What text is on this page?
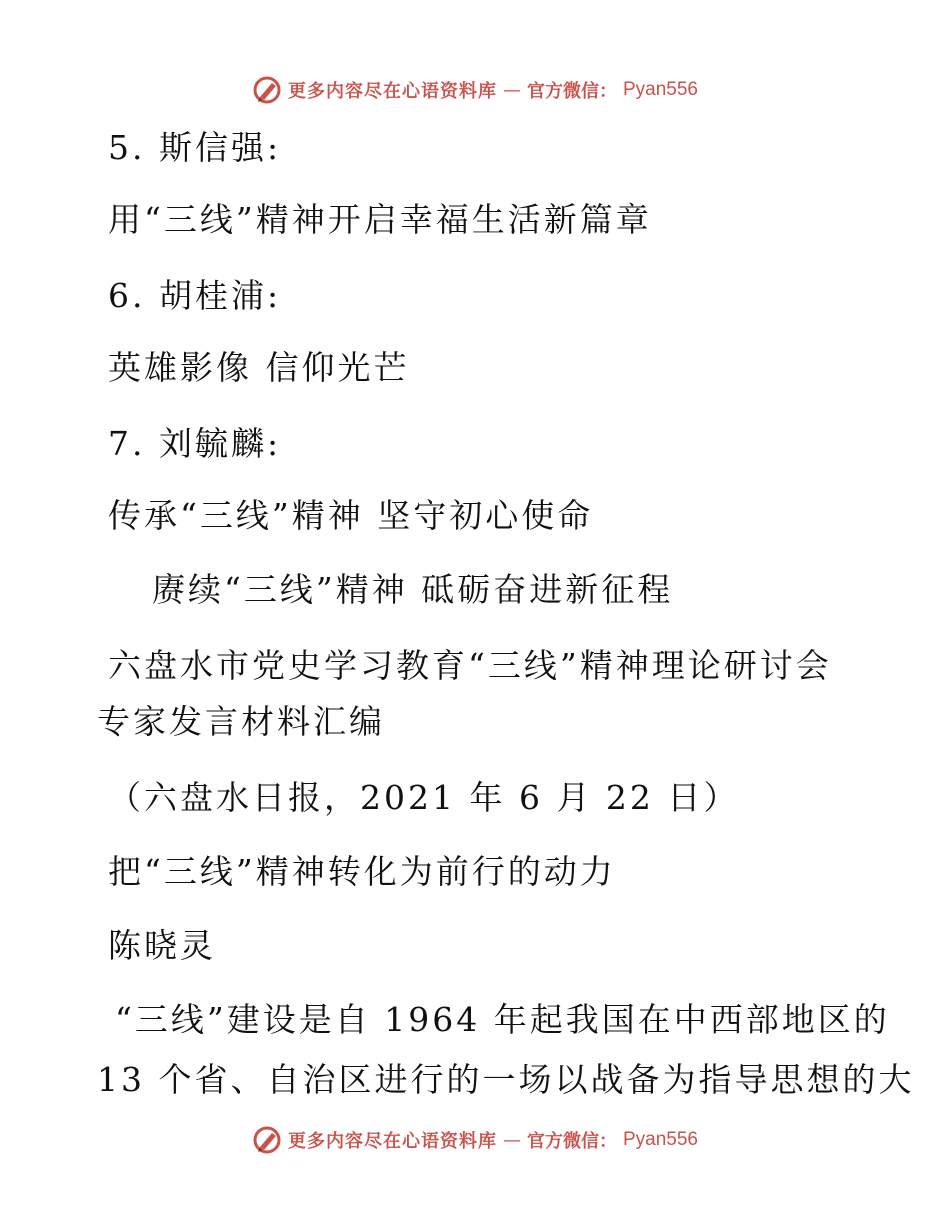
更多内容尽在心语资料库 — 官方微信： Pyan556
5. 斯信强:
用“三线”精神开启幸福生活新篇章
6. 胡桂浦:
英雄影像 信仰光芒
7. 刘毓麟:
传承“三线”精神 坚守初心使命
赓续“三线”精神 砥砺奋进新征程
六盘水市党史学习教育“三线”精神理论研讨会
专家发言材料汇编
（六盘水日报，2021 年 6 月 22 日）
把“三线”精神转化为前行的动力
陈晓灵
“三线”建设是自 1964 年起我国在中西部地区的
13 个省、自治区进行的一场以战备为指导思想的大
更多内容尽在心语资料库 — 官方微信： Pyan556
